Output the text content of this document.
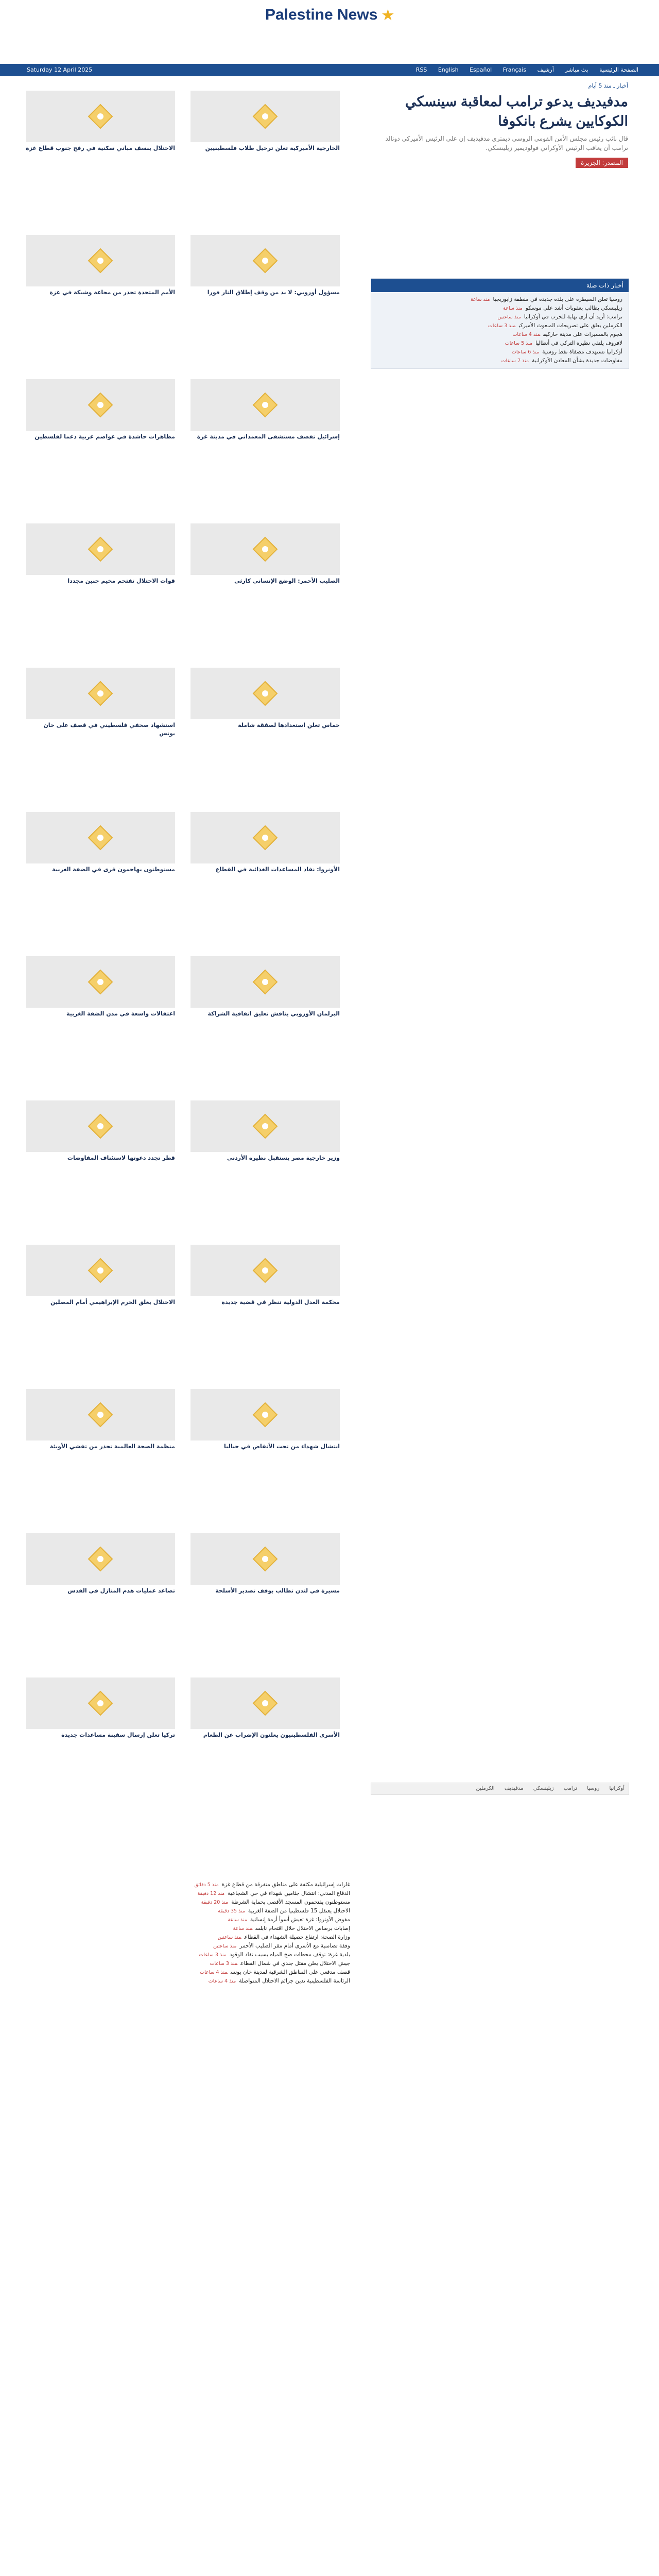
Palestine News ★
Saturday 12 April 2025	الصفحة الرئيسية بث مباشر أرشيف RSS English Español Français
أخبار ـ منذ 5 أيام
مدفيديف يدعو ترامب لمعاقبة سينسكي الكوكايين يشرع بانكوفا
قال نائب رئيس مجلس الأمن القومي الروسي ديمتري مدفيديف إن على الرئيس الأميركي دونالد ترامب أن يعاقب الرئيس الأوكراني فولوديمير زيلينسكي.
المصدر: الجزيرة
أخبار ذات صلة
روسيا تعلن السيطرة على بلدة جديدة في منطقة زابوريجيامنذ ساعة
زيلينسكي يطالب بعقوبات أشد على موسكومنذ ساعة
ترامب: أريد أن أرى نهاية للحرب في أوكرانيامنذ ساعتين
الكرملين يعلق على تصريحات المبعوث الأميركيمنذ 3 ساعات
هجوم بالمسيرات على مدينة خاركيفمنذ 4 ساعات
لافروف يلتقي نظيره التركي في أنطاليامنذ 5 ساعات
أوكرانيا تستهدف مصفاة نفط روسيةمنذ 6 ساعات
مفاوضات جديدة بشأن المعادن الأوكرانيةمنذ 7 ساعات
أوكرانيا روسيا ترامب زيلينسكي مدفيديف الكرملين
الخارجية الأميركية تعلن ترحيل طلاب فلسطينيين
الاحتلال ينسف مباني سكنية في رفح جنوب قطاع غزة
مسؤول أوروبي: لا بد من وقف إطلاق النار فورا
الأمم المتحدة تحذر من مجاعة وشيكة في غزة
إسرائيل تقصف مستشفى المعمداني في مدينة غزة
مظاهرات حاشدة في عواصم عربية دعما لفلسطين
الصليب الأحمر: الوضع الإنساني كارثي
قوات الاحتلال تقتحم مخيم جنين مجددا
حماس تعلن استعدادها لصفقة شاملة
استشهاد صحفي فلسطيني في قصف على خان يونس
الأونروا: نفاد المساعدات الغذائية في القطاع
مستوطنون يهاجمون قرى في الضفة الغربية
البرلمان الأوروبي يناقش تعليق اتفاقية الشراكة
اعتقالات واسعة في مدن الضفة الغربية
وزير خارجية مصر يستقبل نظيره الأردني
قطر تجدد دعوتها لاستئناف المفاوضات
محكمة العدل الدولية تنظر في قضية جديدة
الاحتلال يغلق الحرم الإبراهيمي أمام المصلين
انتشال شهداء من تحت الأنقاض في جباليا
منظمة الصحة العالمية تحذر من تفشي الأوبئة
مسيرة في لندن تطالب بوقف تصدير الأسلحة
تصاعد عمليات هدم المنازل في القدس
الأسرى الفلسطينيون يعلنون الإضراب عن الطعام
تركيا تعلن إرسال سفينة مساعدات جديدة
غارات إسرائيلية مكثفة على مناطق متفرقة من قطاع غزةمنذ 5 دقائق
الدفاع المدني: انتشال جثامين شهداء في حي الشجاعيةمنذ 12 دقيقة
مستوطنون يقتحمون المسجد الأقصى بحماية الشرطةمنذ 20 دقيقة
الاحتلال يعتقل 15 فلسطينيا من الضفة الغربيةمنذ 35 دقيقة
مفوض الأونروا: غزة تعيش أسوأ أزمة إنسانيةمنذ ساعة
إصابات برصاص الاحتلال خلال اقتحام نابلسمنذ ساعة
وزارة الصحة: ارتفاع حصيلة الشهداء في القطاعمنذ ساعتين
وقفة تضامنية مع الأسرى أمام مقر الصليب الأحمرمنذ ساعتين
بلدية غزة: توقف محطات ضخ المياه بسبب نفاد الوقودمنذ 3 ساعات
جيش الاحتلال يعلن مقتل جندي في شمال القطاعمنذ 3 ساعات
قصف مدفعي على المناطق الشرقية لمدينة خان يونسمنذ 4 ساعات
الرئاسة الفلسطينية تدين جرائم الاحتلال المتواصلةمنذ 4 ساعات
